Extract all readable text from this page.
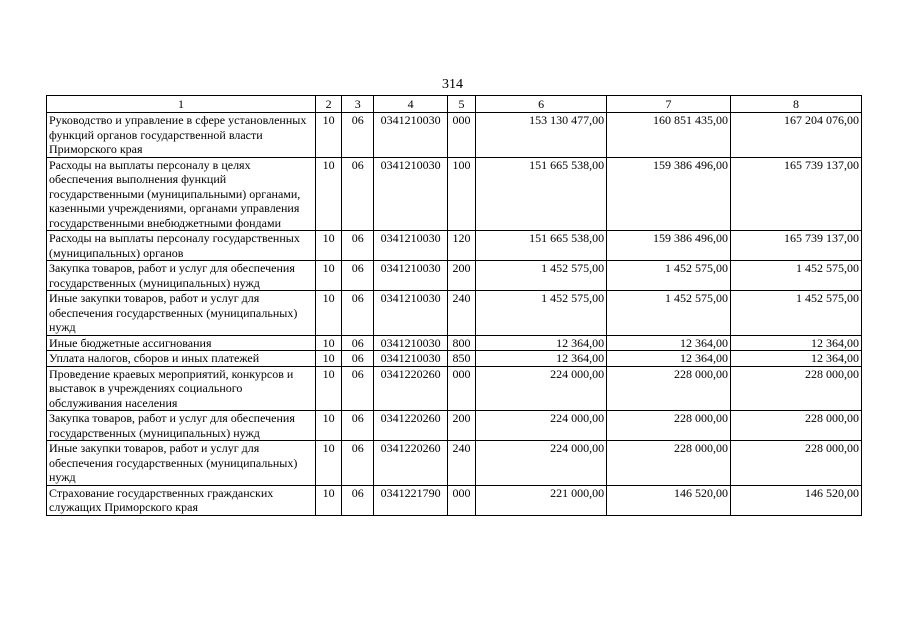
314
1	2	3	4	5	6	7	8
Руководство и управление в сфере установленных функций органов государственной власти Приморского края	10	06	0341210030	000	153 130 477,00	160 851 435,00	167 204 076,00
Расходы на выплаты персоналу в целях обеспечения выполнения функций государственными (муниципальными) органами, казенными учреждениями, органами управления государственными внебюджетными фондами	10	06	0341210030	100	151 665 538,00	159 386 496,00	165 739 137,00
Расходы на выплаты персоналу государственных (муниципальных) органов	10	06	0341210030	120	151 665 538,00	159 386 496,00	165 739 137,00
Закупка товаров, работ и услуг для обеспечения государственных (муниципальных) нужд	10	06	0341210030	200	1 452 575,00	1 452 575,00	1 452 575,00
Иные закупки товаров, работ и услуг для обеспечения государственных (муниципальных) нужд	10	06	0341210030	240	1 452 575,00	1 452 575,00	1 452 575,00
Иные бюджетные ассигнования	10	06	0341210030	800	12 364,00	12 364,00	12 364,00
Уплата налогов, сборов и иных платежей	10	06	0341210030	850	12 364,00	12 364,00	12 364,00
Проведение краевых мероприятий, конкурсов и выставок в учреждениях социального обслуживания населения	10	06	0341220260	000	224 000,00	228 000,00	228 000,00
Закупка товаров, работ и услуг для обеспечения государственных (муниципальных) нужд	10	06	0341220260	200	224 000,00	228 000,00	228 000,00
Иные закупки товаров, работ и услуг для обеспечения государственных (муниципальных) нужд	10	06	0341220260	240	224 000,00	228 000,00	228 000,00
Страхование государственных гражданских служащих Приморского края	10	06	0341221790	000	221 000,00	146 520,00	146 520,00
